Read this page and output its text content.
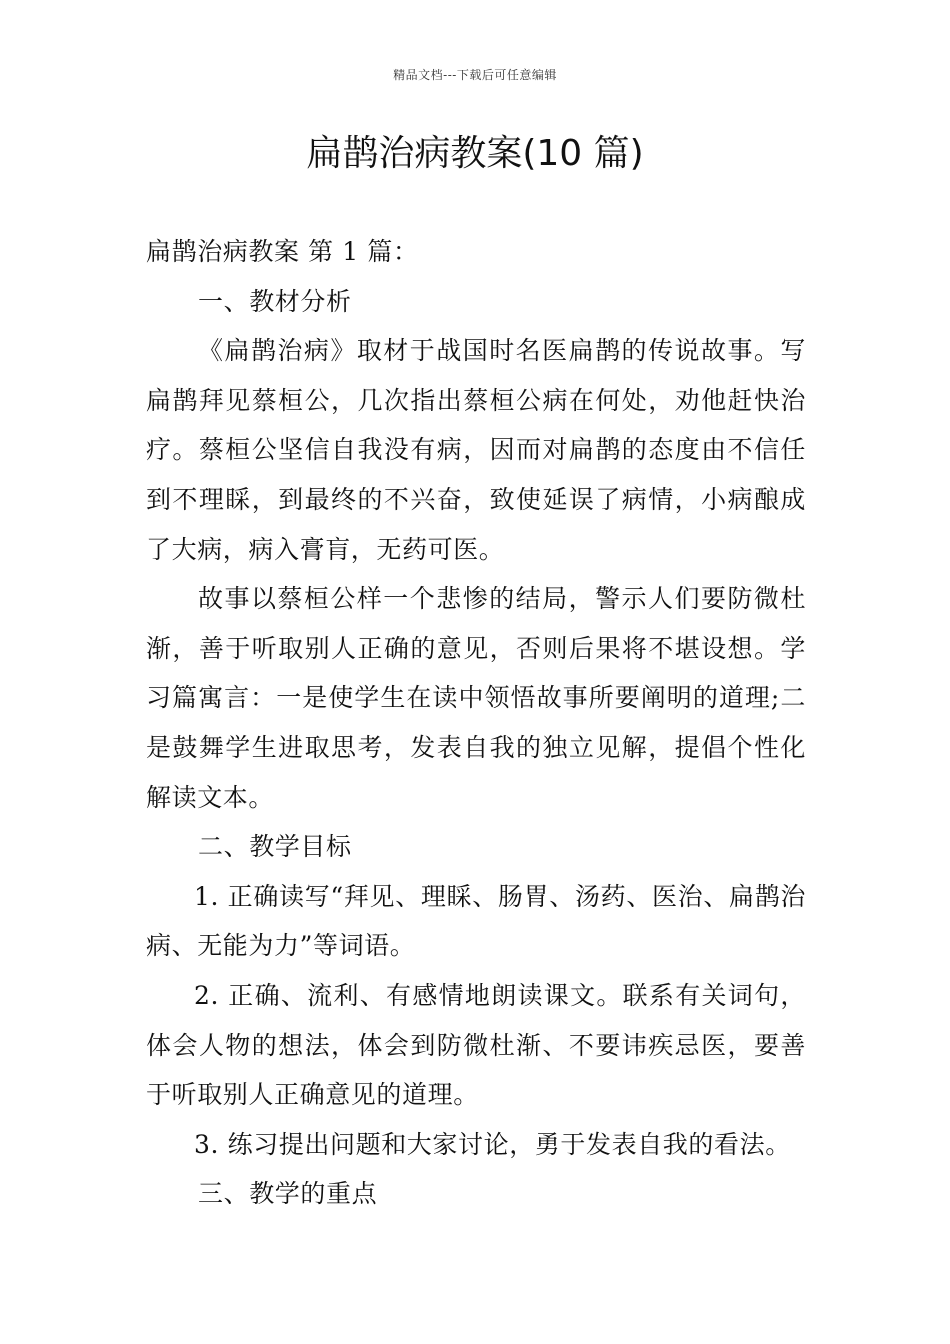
精品文档---下载后可任意编辑
扁鹊治病教案(10 篇)

扁鹊治病教案 第 1 篇：

一、教材分析

《扁鹊治病》取材于战国时名医扁鹊的传说故事。写扁鹊拜见蔡桓公，几次指出蔡桓公病在何处，劝他赶快治疗。蔡桓公坚信自我没有病，因而对扁鹊的态度由不信任到不理睬，到最终的不兴奋，致使延误了病情，小病酿成了大病，病入膏肓，无药可医。

故事以蔡桓公样一个悲惨的结局，警示人们要防微杜渐，善于听取别人正确的意见，否则后果将不堪设想。学习篇寓言：一是使学生在读中领悟故事所要阐明的道理;二是鼓舞学生进取思考，发表自我的独立见解，提倡个性化解读文本。

二、教学目标

1. 正确读写“拜见、理睬、肠胃、汤药、医治、扁鹊治病、无能为力”等词语。

2. 正确、流利、有感情地朗读课文。联系有关词句，体会人物的想法，体会到防微杜渐、不要讳疾忌医，要善于听取别人正确意见的道理。

3. 练习提出问题和大家讨论，勇于发表自我的看法。

三、教学的重点
